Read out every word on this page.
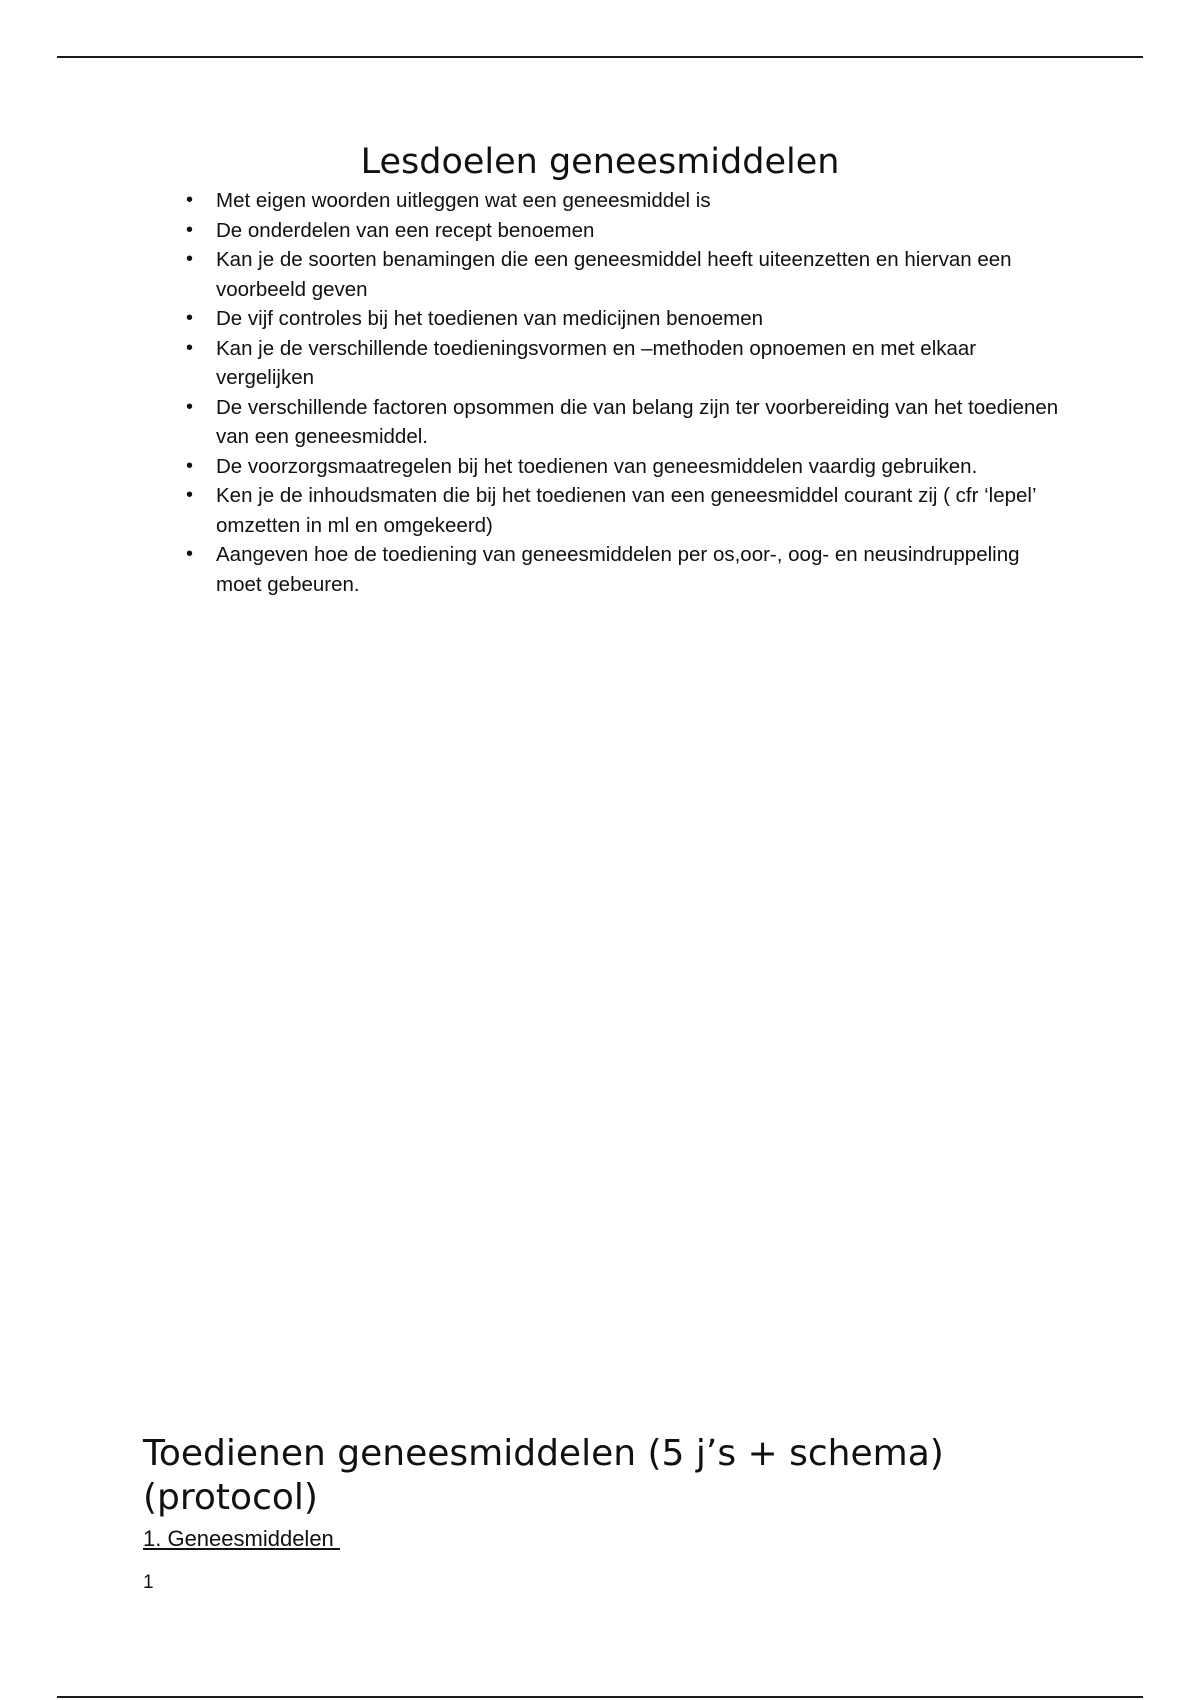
Lesdoelen geneesmiddelen
• Met eigen woorden uitleggen wat een geneesmiddel is
• De onderdelen van een recept benoemen
• Kan je de soorten benamingen die een geneesmiddel heeft uiteenzetten en hiervan een voorbeeld geven
• De vijf controles bij het toedienen van medicijnen benoemen
• Kan je de verschillende toedieningsvormen en –methoden opnoemen en met elkaar vergelijken
• De verschillende factoren opsommen die van belang zijn ter voorbereiding van het toedienen van een geneesmiddel.
• De voorzorgsmaatregelen bij het toedienen van geneesmiddelen vaardig gebruiken.
• Ken je de inhoudsmaten die bij het toedienen van een geneesmiddel courant zij ( cfr ‘lepel’ omzetten in ml en omgekeerd)
• Aangeven hoe de toediening van geneesmiddelen per os,oor-, oog- en neusindruppeling moet gebeuren.
Toedienen geneesmiddelen (5 j’s + schema) (protocol)
1. Geneesmiddelen
1
